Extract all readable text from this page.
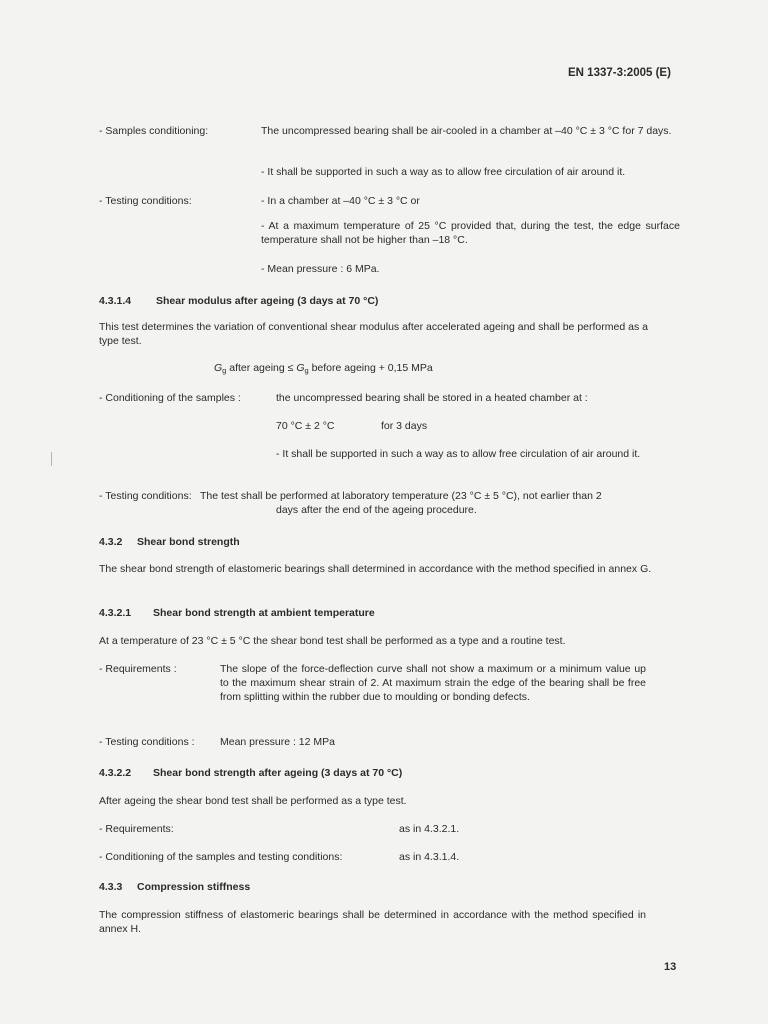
EN 1337-3:2005 (E)
- Samples conditioning:	The uncompressed bearing shall be air-cooled in a chamber at –40 °C ± 3 °C for 7 days.
- It shall be supported in such a way as to allow free circulation of air around it.
- Testing conditions:	- In a chamber at –40 °C ± 3 °C or
- At a maximum temperature of 25 °C provided that, during the test, the edge surface temperature shall not be higher than –18 °C.
- Mean pressure : 6 MPa.
4.3.1.4 Shear modulus after ageing (3 days at 70 °C)
This test determines the variation of conventional shear modulus after accelerated ageing and shall be performed as a type test.
$G_g$ after ageing ≤ $G_g$ before ageing + 0,15 MPa
- Conditioning of the samples :	the uncompressed bearing shall be stored in a heated chamber at :
70 °C ± 2 °C	for 3 days
- It shall be supported in such a way as to allow free circulation of air around it.
- Testing conditions: The test shall be performed at laboratory temperature (23 °C ± 5 °C), not earlier than 2
days after the end of the ageing procedure.
4.3.2 Shear bond strength
The shear bond strength of elastomeric bearings shall determined in accordance with the method specified in annex G.
4.3.2.1 Shear bond strength at ambient temperature
At a temperature of 23 °C ± 5 °C the shear bond test shall be performed as a type and a routine test.
- Requirements :	The slope of the force-deflection curve shall not show a maximum or a minimum value up to the maximum shear strain of 2. At maximum strain the edge of the bearing shall be free from splitting within the rubber due to moulding or bonding defects.
- Testing conditions : Mean pressure : 12 MPa
4.3.2.2 Shear bond strength after ageing (3 days at 70 °C)
After ageing the shear bond test shall be performed as a type test.
- Requirements:	as in 4.3.2.1.
- Conditioning of the samples and testing conditions:	as in 4.3.1.4.
4.3.3 Compression stiffness
The compression stiffness of elastomeric bearings shall be determined in accordance with the method specified in annex H.
13
